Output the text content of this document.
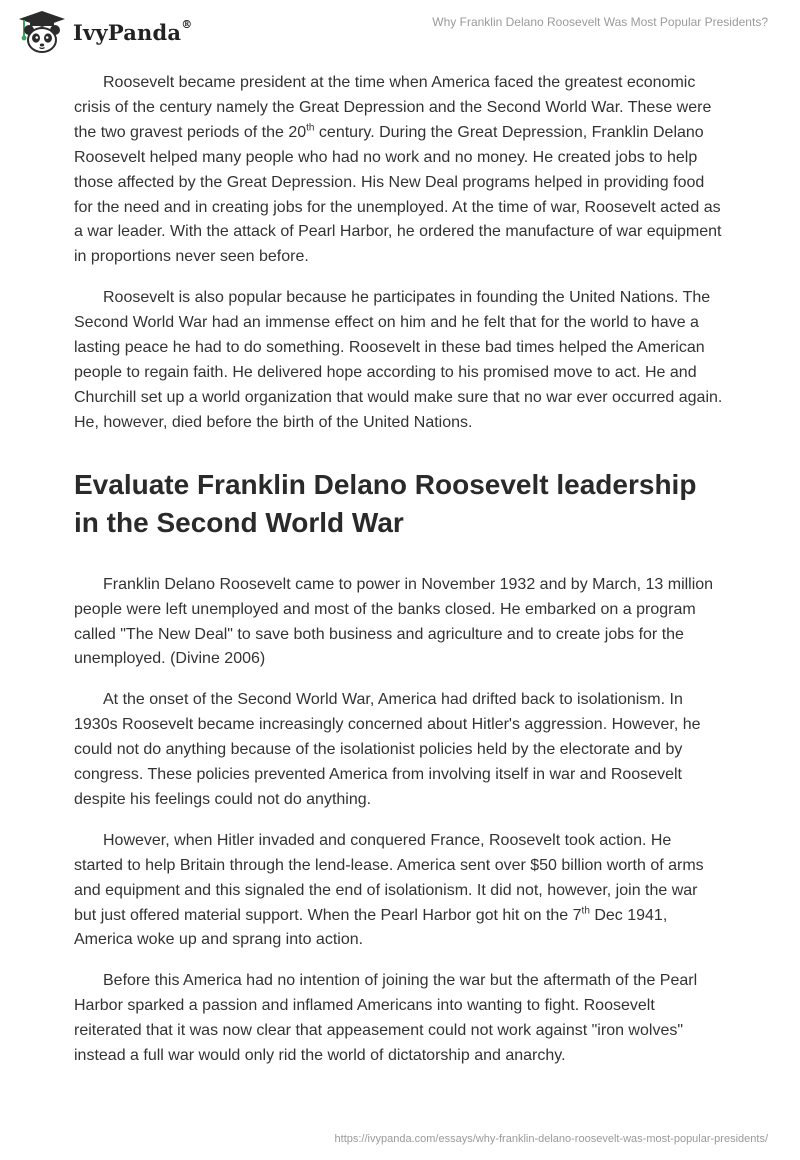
IvyPanda®	Why Franklin Delano Roosevelt Was Most Popular Presidents?

Roosevelt became president at the time when America faced the greatest economic crisis of the century namely the Great Depression and the Second World War. These were the two gravest periods of the 20th century. During the Great Depression, Franklin Delano Roosevelt helped many people who had no work and no money. He created jobs to help those affected by the Great Depression. His New Deal programs helped in providing food for the need and in creating jobs for the unemployed. At the time of war, Roosevelt acted as a war leader. With the attack of Pearl Harbor, he ordered the manufacture of war equipment in proportions never seen before.

Roosevelt is also popular because he participates in founding the United Nations. The Second World War had an immense effect on him and he felt that for the world to have a lasting peace he had to do something. Roosevelt in these bad times helped the American people to regain faith. He delivered hope according to his promised move to act. He and Churchill set up a world organization that would make sure that no war ever occurred again. He, however, died before the birth of the United Nations.

Evaluate Franklin Delano Roosevelt leadership in the Second World War

Franklin Delano Roosevelt came to power in November 1932 and by March, 13 million people were left unemployed and most of the banks closed. He embarked on a program called "The New Deal" to save both business and agriculture and to create jobs for the unemployed. (Divine 2006)

At the onset of the Second World War, America had drifted back to isolationism. In 1930s Roosevelt became increasingly concerned about Hitler's aggression. However, he could not do anything because of the isolationist policies held by the electorate and by congress. These policies prevented America from involving itself in war and Roosevelt despite his feelings could not do anything.

However, when Hitler invaded and conquered France, Roosevelt took action. He started to help Britain through the lend-lease. America sent over $50 billion worth of arms and equipment and this signaled the end of isolationism. It did not, however, join the war but just offered material support. When the Pearl Harbor got hit on the 7th Dec 1941, America woke up and sprang into action.

Before this America had no intention of joining the war but the aftermath of the Pearl Harbor sparked a passion and inflamed Americans into wanting to fight. Roosevelt reiterated that it was now clear that appeasement could not work against "iron wolves" instead a full war would only rid the world of dictatorship and anarchy.

https://ivypanda.com/essays/why-franklin-delano-roosevelt-was-most-popular-presidents/
